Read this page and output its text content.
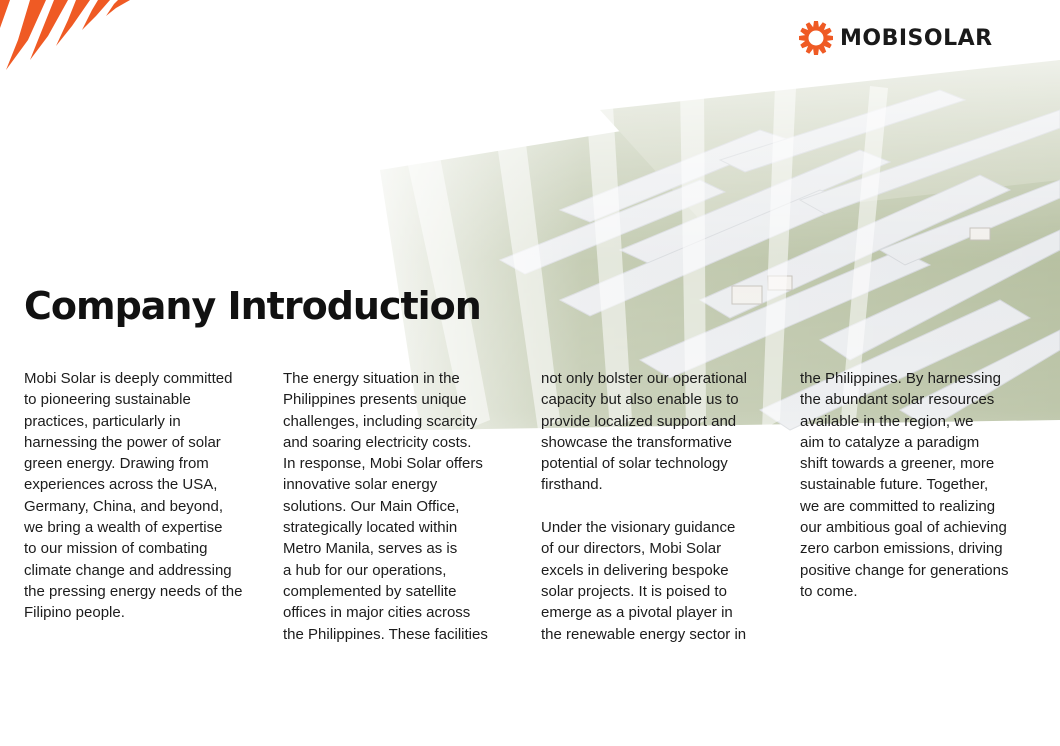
MOBISOLAR
Company Introduction

Mobi Solar is deeply committed
to pioneering sustainable
practices, particularly in
harnessing the power of solar
green energy. Drawing from
experiences across the USA,
Germany, China, and beyond,
we bring a wealth of expertise
to our mission of combating
climate change and addressing
the pressing energy needs of the
Filipino people.

The energy situation in the
Philippines presents unique
challenges, including scarcity
and soaring electricity costs.
In response, Mobi Solar offers
innovative solar energy
solutions. Our Main Office,
strategically located within
Metro Manila, serves as is
a hub for our operations,
complemented by satellite
offices in major cities across
the Philippines. These facilities

not only bolster our operational
capacity but also enable us to
provide localized support and
showcase the transformative
potential of solar technology
firsthand.

Under the visionary guidance
of our directors, Mobi Solar
excels in delivering bespoke
solar projects. It is poised to
emerge as a pivotal player in
the renewable energy sector in

the Philippines. By harnessing
the abundant solar resources
available in the region, we
aim to catalyze a paradigm
shift towards a greener, more
sustainable future. Together,
we are committed to realizing
our ambitious goal of achieving
zero carbon emissions, driving
positive change for generations
to come.
